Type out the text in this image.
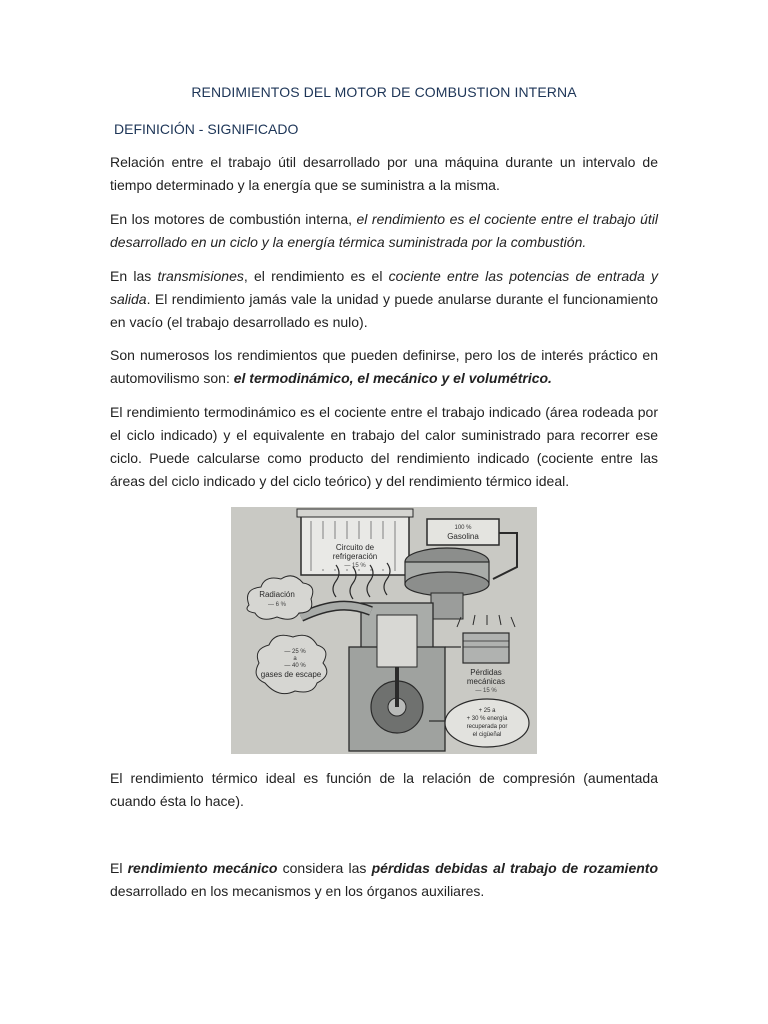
RENDIMIENTOS DEL MOTOR DE COMBUSTION INTERNA
DEFINICIÓN - SIGNIFICADO
Relación entre el trabajo útil desarrollado por una máquina durante un intervalo de tiempo determinado y la energía que se suministra a la misma.
En los motores de combustión interna, el rendimiento es el cociente entre el trabajo útil desarrollado en un ciclo y la energía térmica suministrada por la combustión.
En las transmisiones, el rendimiento es el cociente entre las potencias de entrada y salida. El rendimiento jamás vale la unidad y puede anularse durante el funcionamiento en vacío (el trabajo desarrollado es nulo).
Son numerosos los rendimientos que pueden definirse, pero los de interés práctico en automovilismo son: el termodinámico, el mecánico y el volumétrico.
El rendimiento termodinámico es el cociente entre el trabajo indicado (área rodeada por el ciclo indicado) y el equivalente en trabajo del calor suministrado para recorrer ese ciclo. Puede calcularse como producto del rendimiento indicado (cociente entre las áreas del ciclo indicado y del ciclo teórico) y del rendimiento térmico ideal.
Circuito de
refrigeración
— 15 %
100 %
Gasolina
Radiación
— 6 %
— 25 %
a
— 40 %
gases de escape	Pérdidas
mecánicas
— 15 %
+ 25 a
+ 30 % energía
recuperada por
el cigüeñal
El rendimiento térmico ideal es función de la relación de compresión (aumentada cuando ésta lo hace).
El rendimiento mecánico considera las pérdidas debidas al trabajo de rozamiento desarrollado en los mecanismos y en los órganos auxiliares.
